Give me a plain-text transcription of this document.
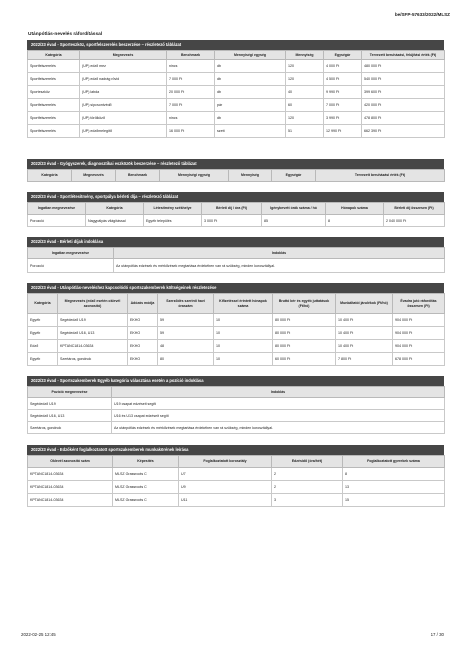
be/SFP-57633/2022/MLSZ
Utánpótlás-nevelés ráfordítással
2022/23 évad - Sporteszköz, sportfelszerelés beszerzése – részletező táblázat
Kategória	Megnevezés	Benchmark	Mennyiségi egység	Mennyiség	Egységár	Tervezett beruházási, felújítási érték (Ft)
Sportfelszerelés	(UP) edző mez	nincs	db	120	4 000 Ft	480 000 Ft
Sportfelszerelés	(UP) edző nadrág rövid	7 000 Ft	db	120	4 500 Ft	540 000 Ft
Sporteszköz	(UP) labda	20 000 Ft	db	40	9 990 Ft	399 600 Ft
Sportfelszerelés	(UP) sípcsontvédő	7 000 Ft	pár	60	7 000 Ft	420 000 Ft
Sportfelszerelés	(UP) törölköző	nincs	db	120	3 990 Ft	478 800 Ft
Sportfelszerelés	(UP) edzőmelegítő	16 000 Ft	szett	51	12 990 Ft	662 390 Ft
2022/23 évad - Gyógyszerek, diagnosztikai eszközök beszerzése – részletező táblázat
Kategória	Megnevezés	Benchmark	Mennyiségi egység	Mennyiség	Egységár	Tervezett beruházási érték (Ft)
2022/23 évad - Sportlétesítmény, sportpálya bérleti díja – részletező táblázat
Ingatlan megnevezése	Kategória	Létesítmény székhelye	Bérleti díj / óra (Ft)	Igénybevett órák száma / hó	Hónapok száma	Bérleti díj összesen (Ft)
Porozcló	Nagypályás világítással	Egyéb település	3 000 Ft	85	8	2 040 000 Ft
2022/23 évad - Bérleti díjak indoklása
Ingatlan megnevezése	Indoklás
Porozcló	Az utánpótlás edzések és mérkőzések megtartása érdekében van rá szükség, minden korosztállyal.
2022/23 évad - Utánpótlás-neveléshez kapcsolódó sportszakemberek költségeinek részletezése
Kategória	Megnevezés (edző esetén oklevél azonosító)	Adózás módja	Szerződés szerinti havi óraszám	Kifizetéssel érintett hónapok száma	Bruttó bér és egyéb juttatások (Ft/hó)	Munkáltatói járulékok (Ft/hó)	Évadra jutó ráfordítás összesen (Ft)
Egyéb	Segédedző U19	EKHO	59	10	80 000 Ft	10 400 Ft	904 000 Ft
Egyéb	Segédedző U16, U13	EKHO	59	10	80 000 Ft	10 400 Ft	904 000 Ft
Edző	KPTANC1814-03634	EKHO	48	10	80 000 Ft	10 400 Ft	904 000 Ft
Egyéb	Szertáros, gondnok	EKHO	80	10	60 000 Ft	7 800 Ft	678 000 Ft
2022/23 évad - Sportszakemberek Egyéb kategória választása esetén a pozíció indoklása
Pozíció megnevezése	Indoklás
Segédedző U19	U19 csapat edzéseit segíti
Segédedző U16, U13	U16 és U13 csapat edzéseit segíti
Szertáros, gondnok	Az utánpótlás edzések és mérkőzések megtartása érdekében van rá szükség, minden korosztállyal.
2022/23 évad - Edzőként foglalkoztatott sportszakemberek munkakörének leírása
Oklevél azonosító szám	Képesítés	Foglalkoztatott korosztály	Edzésidő (óra/hét)	Foglalkoztatott gyerekek száma
KPTANC1814-03634	MLSZ Grassroots C	U7	2	8
KPTANC1814-03634	MLSZ Grassroots C	U9	2	13
KPTANC1814-03634	MLSZ Grassroots C	U11	3	15
2022-02-25 12:45	17 / 30
